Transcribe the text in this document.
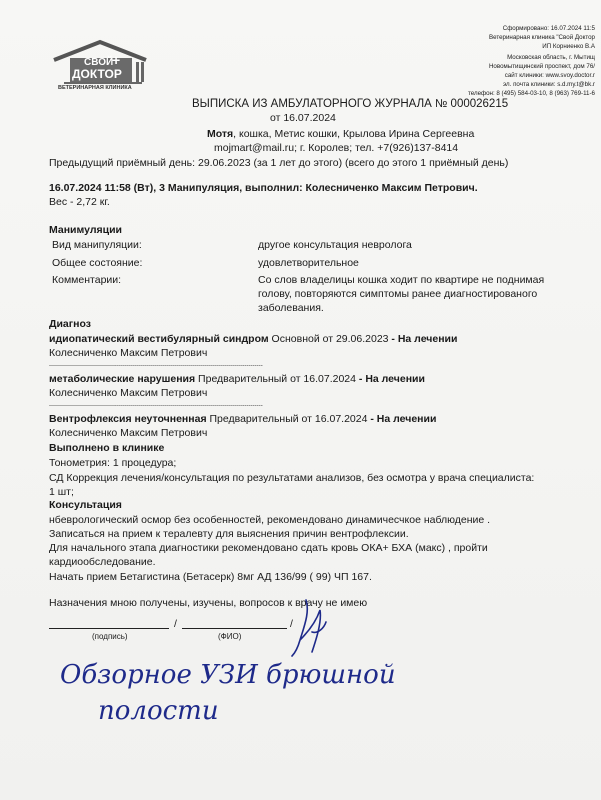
СВОЙ
+
ДОКТОР
ВЕТЕРИНАРНАЯ КЛИНИКА
Сформировано: 16.07.2024 11:5
Ветеринарная клиника "Свой Доктор
ИП Корниенко В.А
Московская область, г. Мытищ
Новомытищинский проспект, дом 76/
сайт клиники: www.svoy.doctor.r
эл. почта клиники: s.d.my.t@bk.r
телефон: 8 (495) 584-03-10, 8 (963) 769-11-6
ВЫПИСКА ИЗ АМБУЛАТОРНОГО ЖУРНАЛА № 000026215
от 16.07.2024
Мотя, кошка, Метис кошки, Крылова Ирина Сергеевна
mojmart@mail.ru; г. Королев; тел. +7(926)137-8414
Предыдущий приёмный день: 29.06.2023 (за 1 лет до этого) (всего до этого 1 приёмный день)
16.07.2024 11:58 (Вт), 3 Манипуляция, выполнил: Колесниченко Максим Петрович.
Вес - 2,72 кг.
Манимуляции
Вид манипуляции:	другое консультация невролога
Общее состояние:	удовлетворительное
Комментарии:	Со слов владелицы кошка ходит по квартире не поднимая
голову, повторяются симптомы ранее диагностированого
заболевания.
Диагноз
идиопатический вестибулярный синдром Основной от 29.06.2023 - На лечении
Колесниченко Максим Петрович
-----------------------------------------------------------------------------------------------------------
метаболические нарушения Предварительный от 16.07.2024 - На лечении
Колесниченко Максим Петрович
-----------------------------------------------------------------------------------------------------------
Вентрофлексия неуточненная Предварительный от 16.07.2024 - На лечении
Колесниченко Максим Петрович
Выполнено в клинике
Тонометрия: 1 процедура;
СД Коррекция лечения/консультация по результатами анализов, без осмотра у врача специалиста:
1 шт;
Консультация
нбеврологический осмор без особенностей, рекомендовано динамичесчкое наблюдение .
Записаться на прием к тералевту для выяснения причин вентрофлексии.
Для начального этапа диагностики рекомендовано сдать кровь ОКА+ БХА (макс) , пройти
кардиообследование.
Начать прием Бетагистина (Бетасерк) 8мг АД 136/99 ( 99) ЧП 167.
Назначения мною получены, изучены, вопросов к врачу не имею
/	/
(подпись)	(ФИО)
Обзорное УЗИ брюшной
полости
